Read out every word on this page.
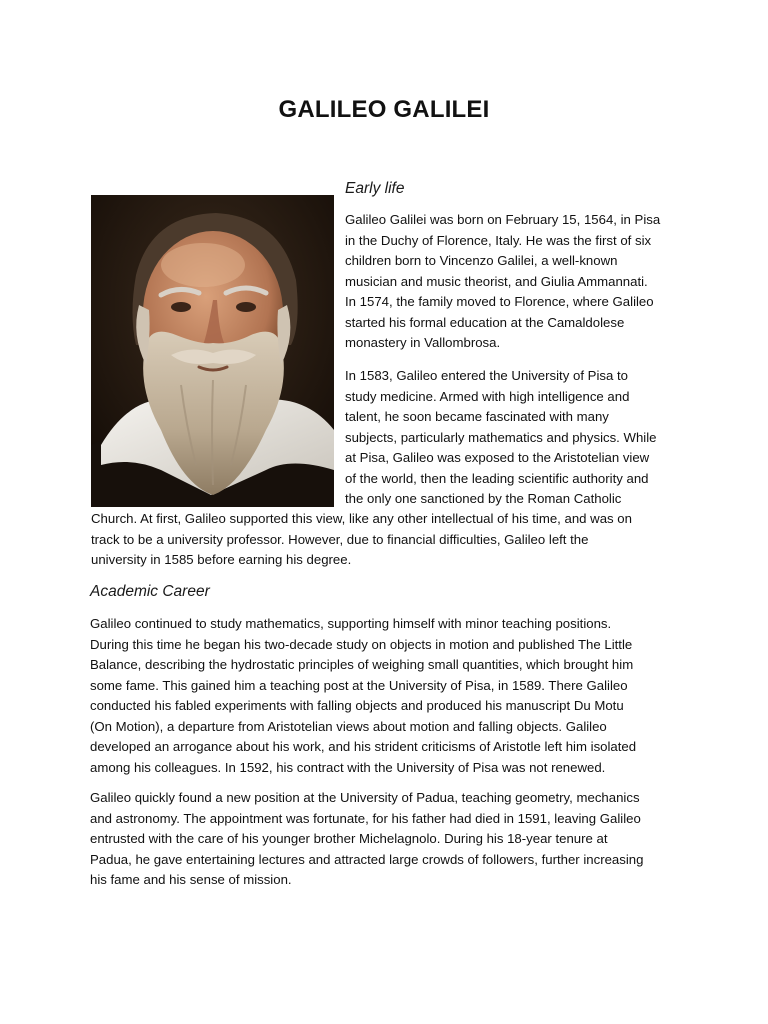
GALILEO GALILEI
Early life
Galileo Galilei was born on February 15, 1564, in Pisa
in the Duchy of Florence, Italy. He was the first of six
children born to Vincenzo Galilei, a well-known
musician and music theorist, and Giulia Ammannati.
In 1574, the family moved to Florence, where Galileo
started his formal education at the Camaldolese
monastery in Vallombrosa.
In 1583, Galileo entered the University of Pisa to
study medicine. Armed with high intelligence and
talent, he soon became fascinated with many
subjects, particularly mathematics and physics. While
at Pisa, Galileo was exposed to the Aristotelian view
of the world, then the leading scientific authority and
the only one sanctioned by the Roman Catholic
Church. At first, Galileo supported this view, like any other intellectual of his time, and was on
track to be a university professor. However, due to financial difficulties, Galileo left the
university in 1585 before earning his degree.
Academic Career
Galileo continued to study mathematics, supporting himself with minor teaching positions.
During this time he began his two-decade study on objects in motion and published The Little
Balance, describing the hydrostatic principles of weighing small quantities, which brought him
some fame. This gained him a teaching post at the University of Pisa, in 1589. There Galileo
conducted his fabled experiments with falling objects and produced his manuscript Du Motu
(On Motion), a departure from Aristotelian views about motion and falling objects. Galileo
developed an arrogance about his work, and his strident criticisms of Aristotle left him isolated
among his colleagues. In 1592, his contract with the University of Pisa was not renewed.
Galileo quickly found a new position at the University of Padua, teaching geometry, mechanics
and astronomy. The appointment was fortunate, for his father had died in 1591, leaving Galileo
entrusted with the care of his younger brother Michelagnolo. During his 18-year tenure at
Padua, he gave entertaining lectures and attracted large crowds of followers, further increasing
his fame and his sense of mission.
